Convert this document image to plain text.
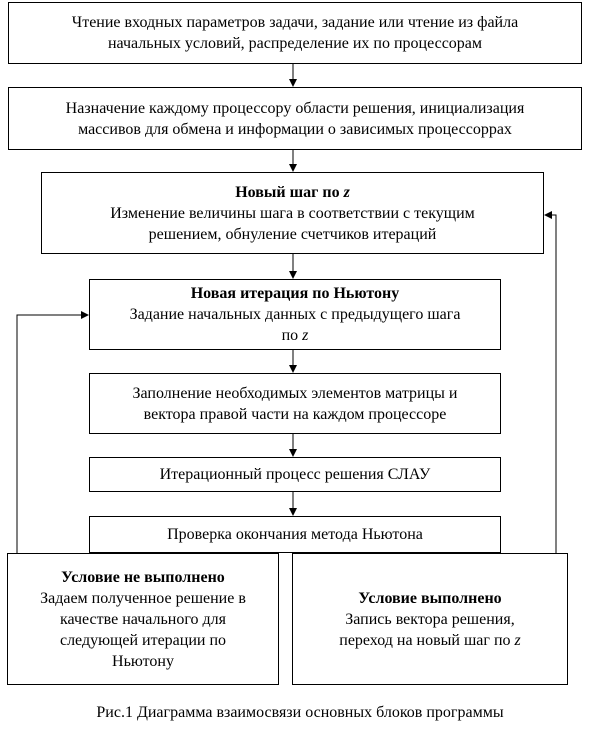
Чтение входных параметров задачи, задание или чтение из файла
начальных условий, распределение их по процессорам
Назначение каждому процессору области решения, инициализация
массивов для обмена и информации о зависимых процессоррах
Новый шаг по z
Изменение величины шага в соответствии с текущим
решением, обнуление счетчиков итераций
Новая итерация по Ньютону
Задание начальных данных с предыдущего шага
по z
Заполнение необходимых элементов матрицы и
вектора правой части на каждом процессоре
Итерационный процесс решения СЛАУ
Проверка окончания метода Ньютона
Условие не выполнено
Задаем полученное решение в
качестве начального для
следующей итерации по
Ньютону
Условие выполнено
Запись вектора решения,
переход на новый шаг по z
Рис.1 Диаграмма взаимосвязи основных блоков программы
